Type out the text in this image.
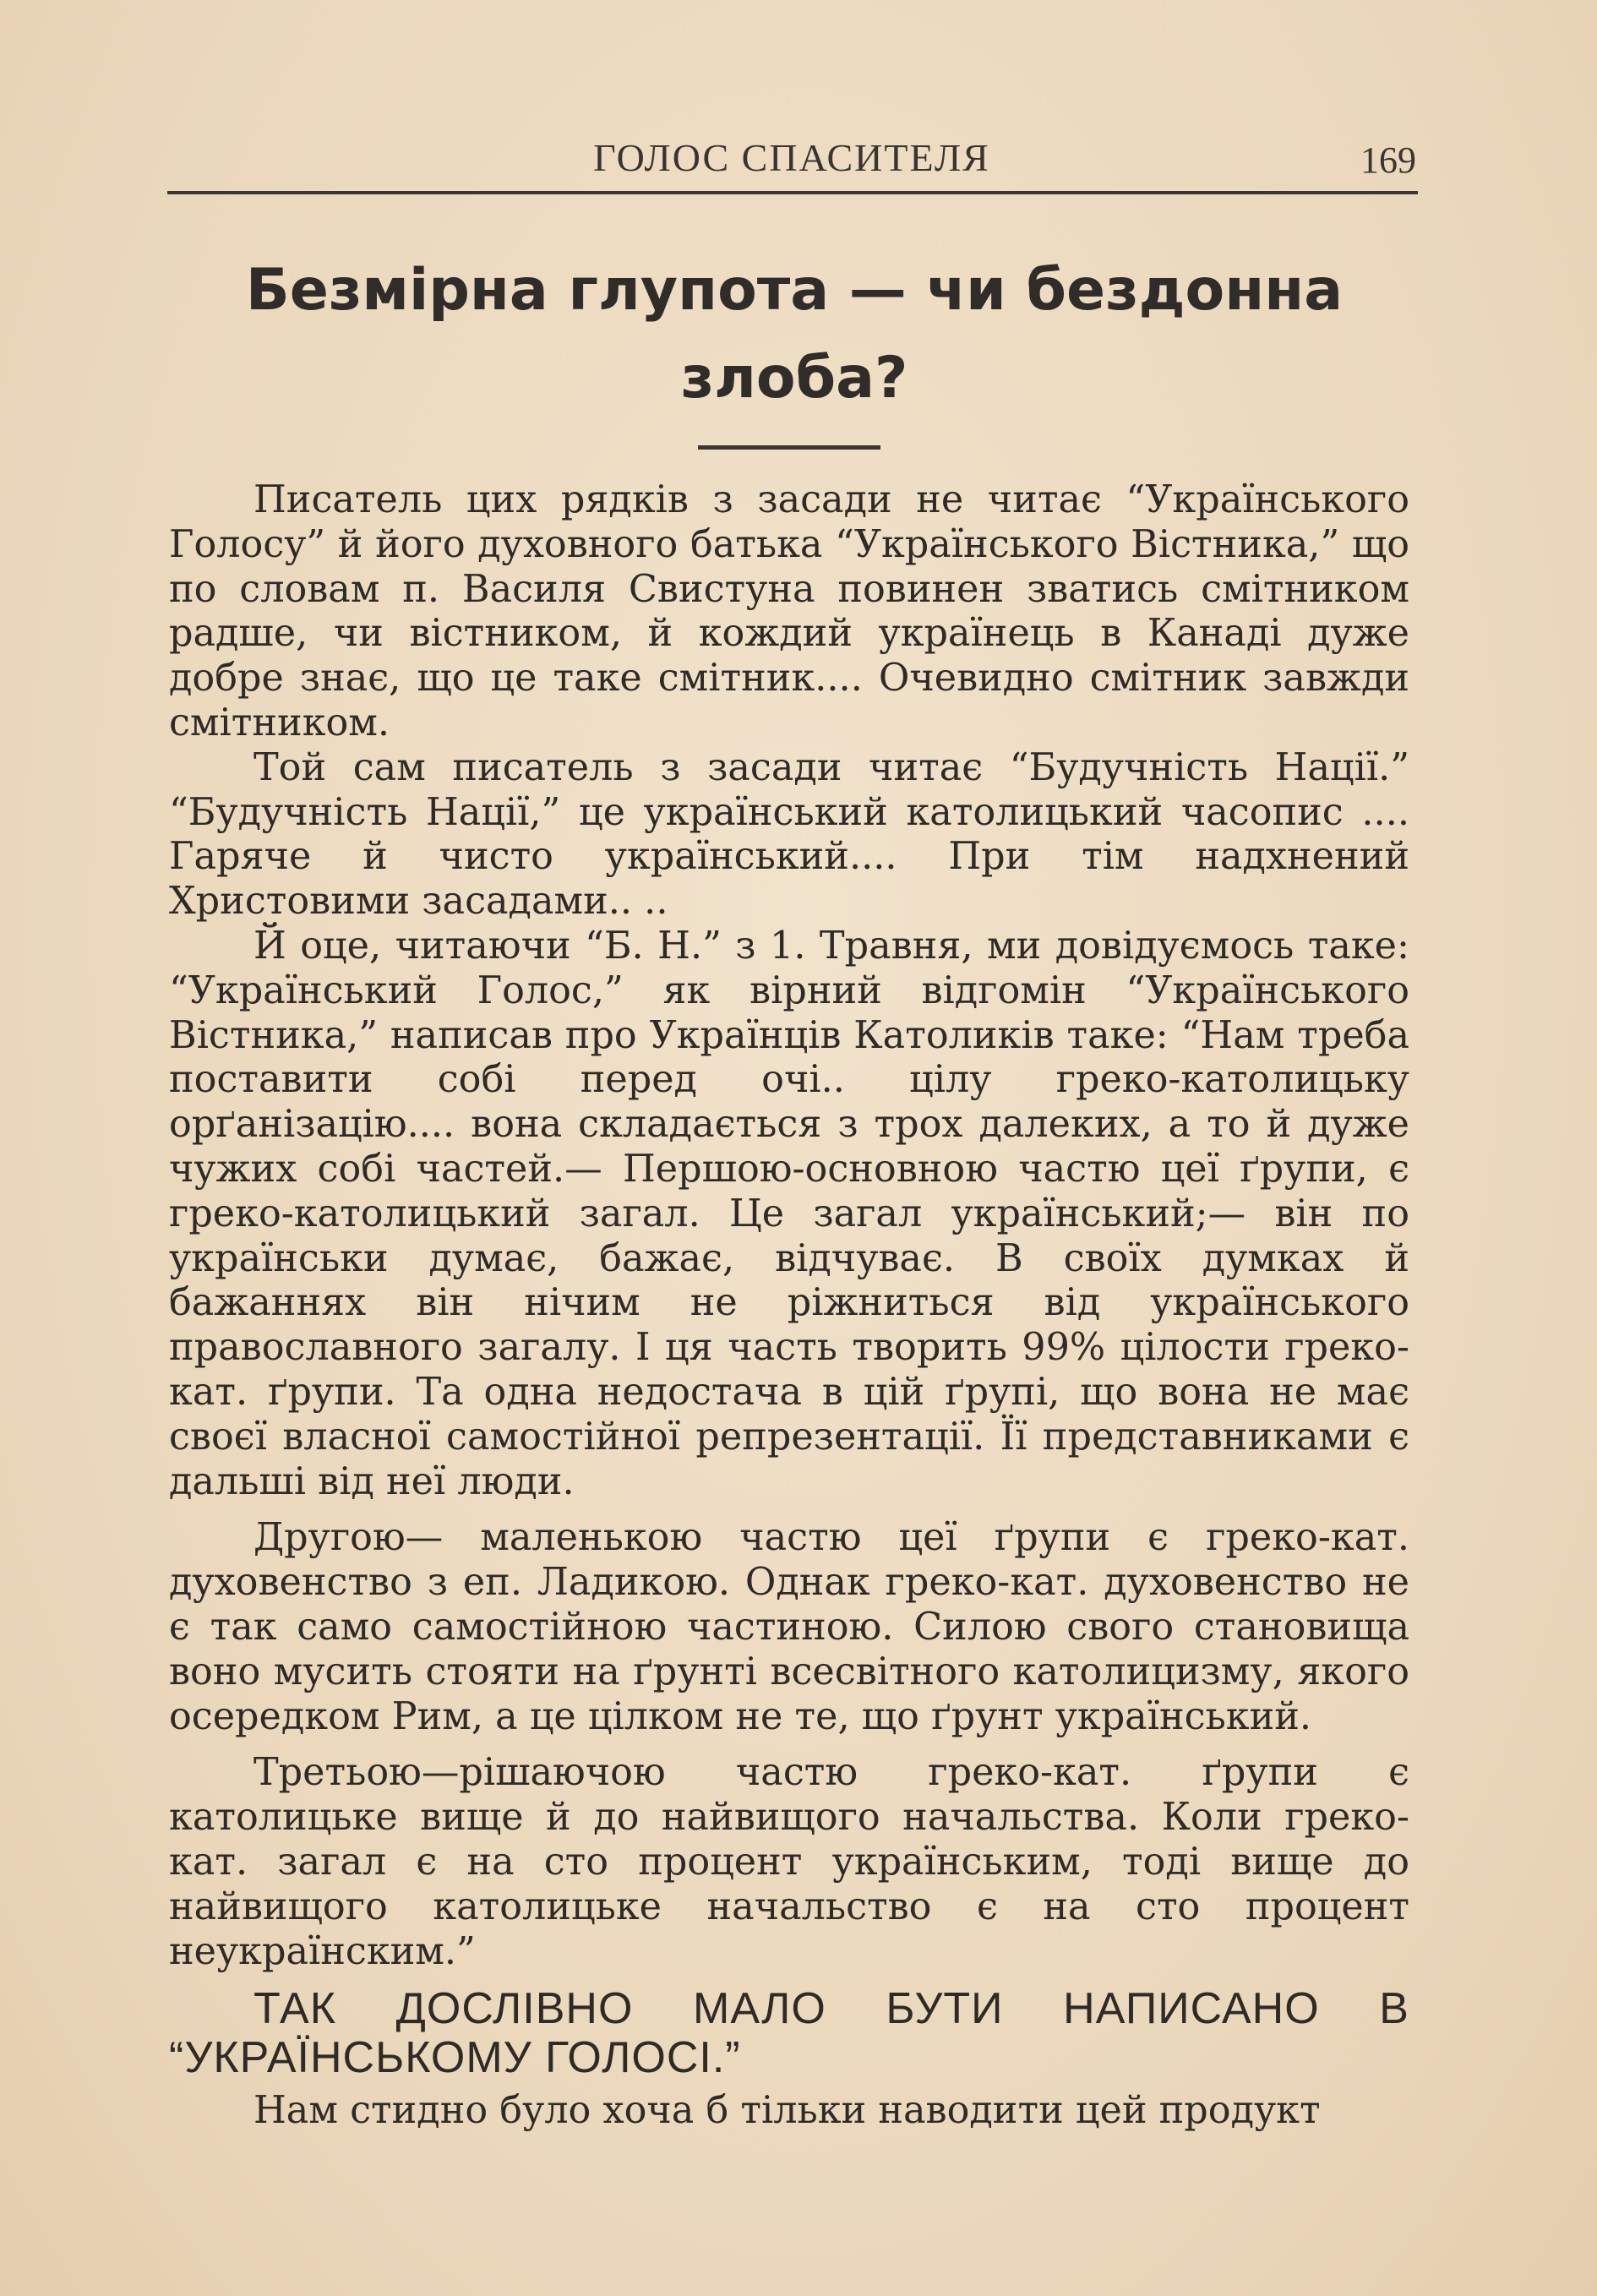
ГОЛОС СПАСИТЕЛЯ	169
Безмірна глупота — чи бездонна злоба?

Писатель цих рядків з засади не читає “Українського Голосу” й його духовного батька “Українського Вістника,” що по словам п. Василя Свистуна повинен зватись смітником радше, чи вістником, й кождий українець в Канаді дуже добре знає, що це таке смітник.... Очевидно смітник завжди смітником.

Той сам писатель з засади читає “Будучність Нації.” “Будучність Нації,” це український католицький часопис .... Гаряче й чисто український.... При тім надхнений Христовими засадами.. ..

Й оце, читаючи “Б. Н.” з 1. Травня, ми довідуємось таке: “Український Голос,” як вірний відгомін “Українського Вістника,” написав про Українців Католиків таке: “Нам треба поставити собі перед очі.. цілу греко-католицьку орґанізацію.... вона складається з трох далеких, а то й дуже чужих собі частей.— Першою-основною частю цеї ґрупи, є греко-католицький загал. Це загал український;— він по українськи думає, бажає, відчуває. В своїх думках й бажаннях він нічим не ріжниться від українського православного загалу. І ця часть творить 99% цілости греко-кат. ґрупи. Та одна недостача в цій ґрупі, що вона не має своєї власної самостійної репрезентації. Її представниками є дальші від неї люди.

Другою— маленькою частю цеї ґрупи є греко-кат. духовенство з еп. Ладикою. Однак греко-кат. духовенство не є так само самостійною частиною. Силою свого становища воно мусить стояти на ґрунті всесвітного католицизму, якого осередком Рим, а це цілком не те, що ґрунт український.

Третьою—рішаючою частю греко-кат. ґрупи є католицьке вище й до найвищого начальства. Коли греко-кат. загал є на сто процент українським, тоді вище до найвищого католицьке начальство є на сто процент неукраїнским.”

ТАК ДОСЛІВНО МАЛО БУТИ НАПИСАНО В “УКРАЇНСЬКОМУ ГОЛОСІ.”

Нам стидно було хоча б тільки наводити цей продукт
